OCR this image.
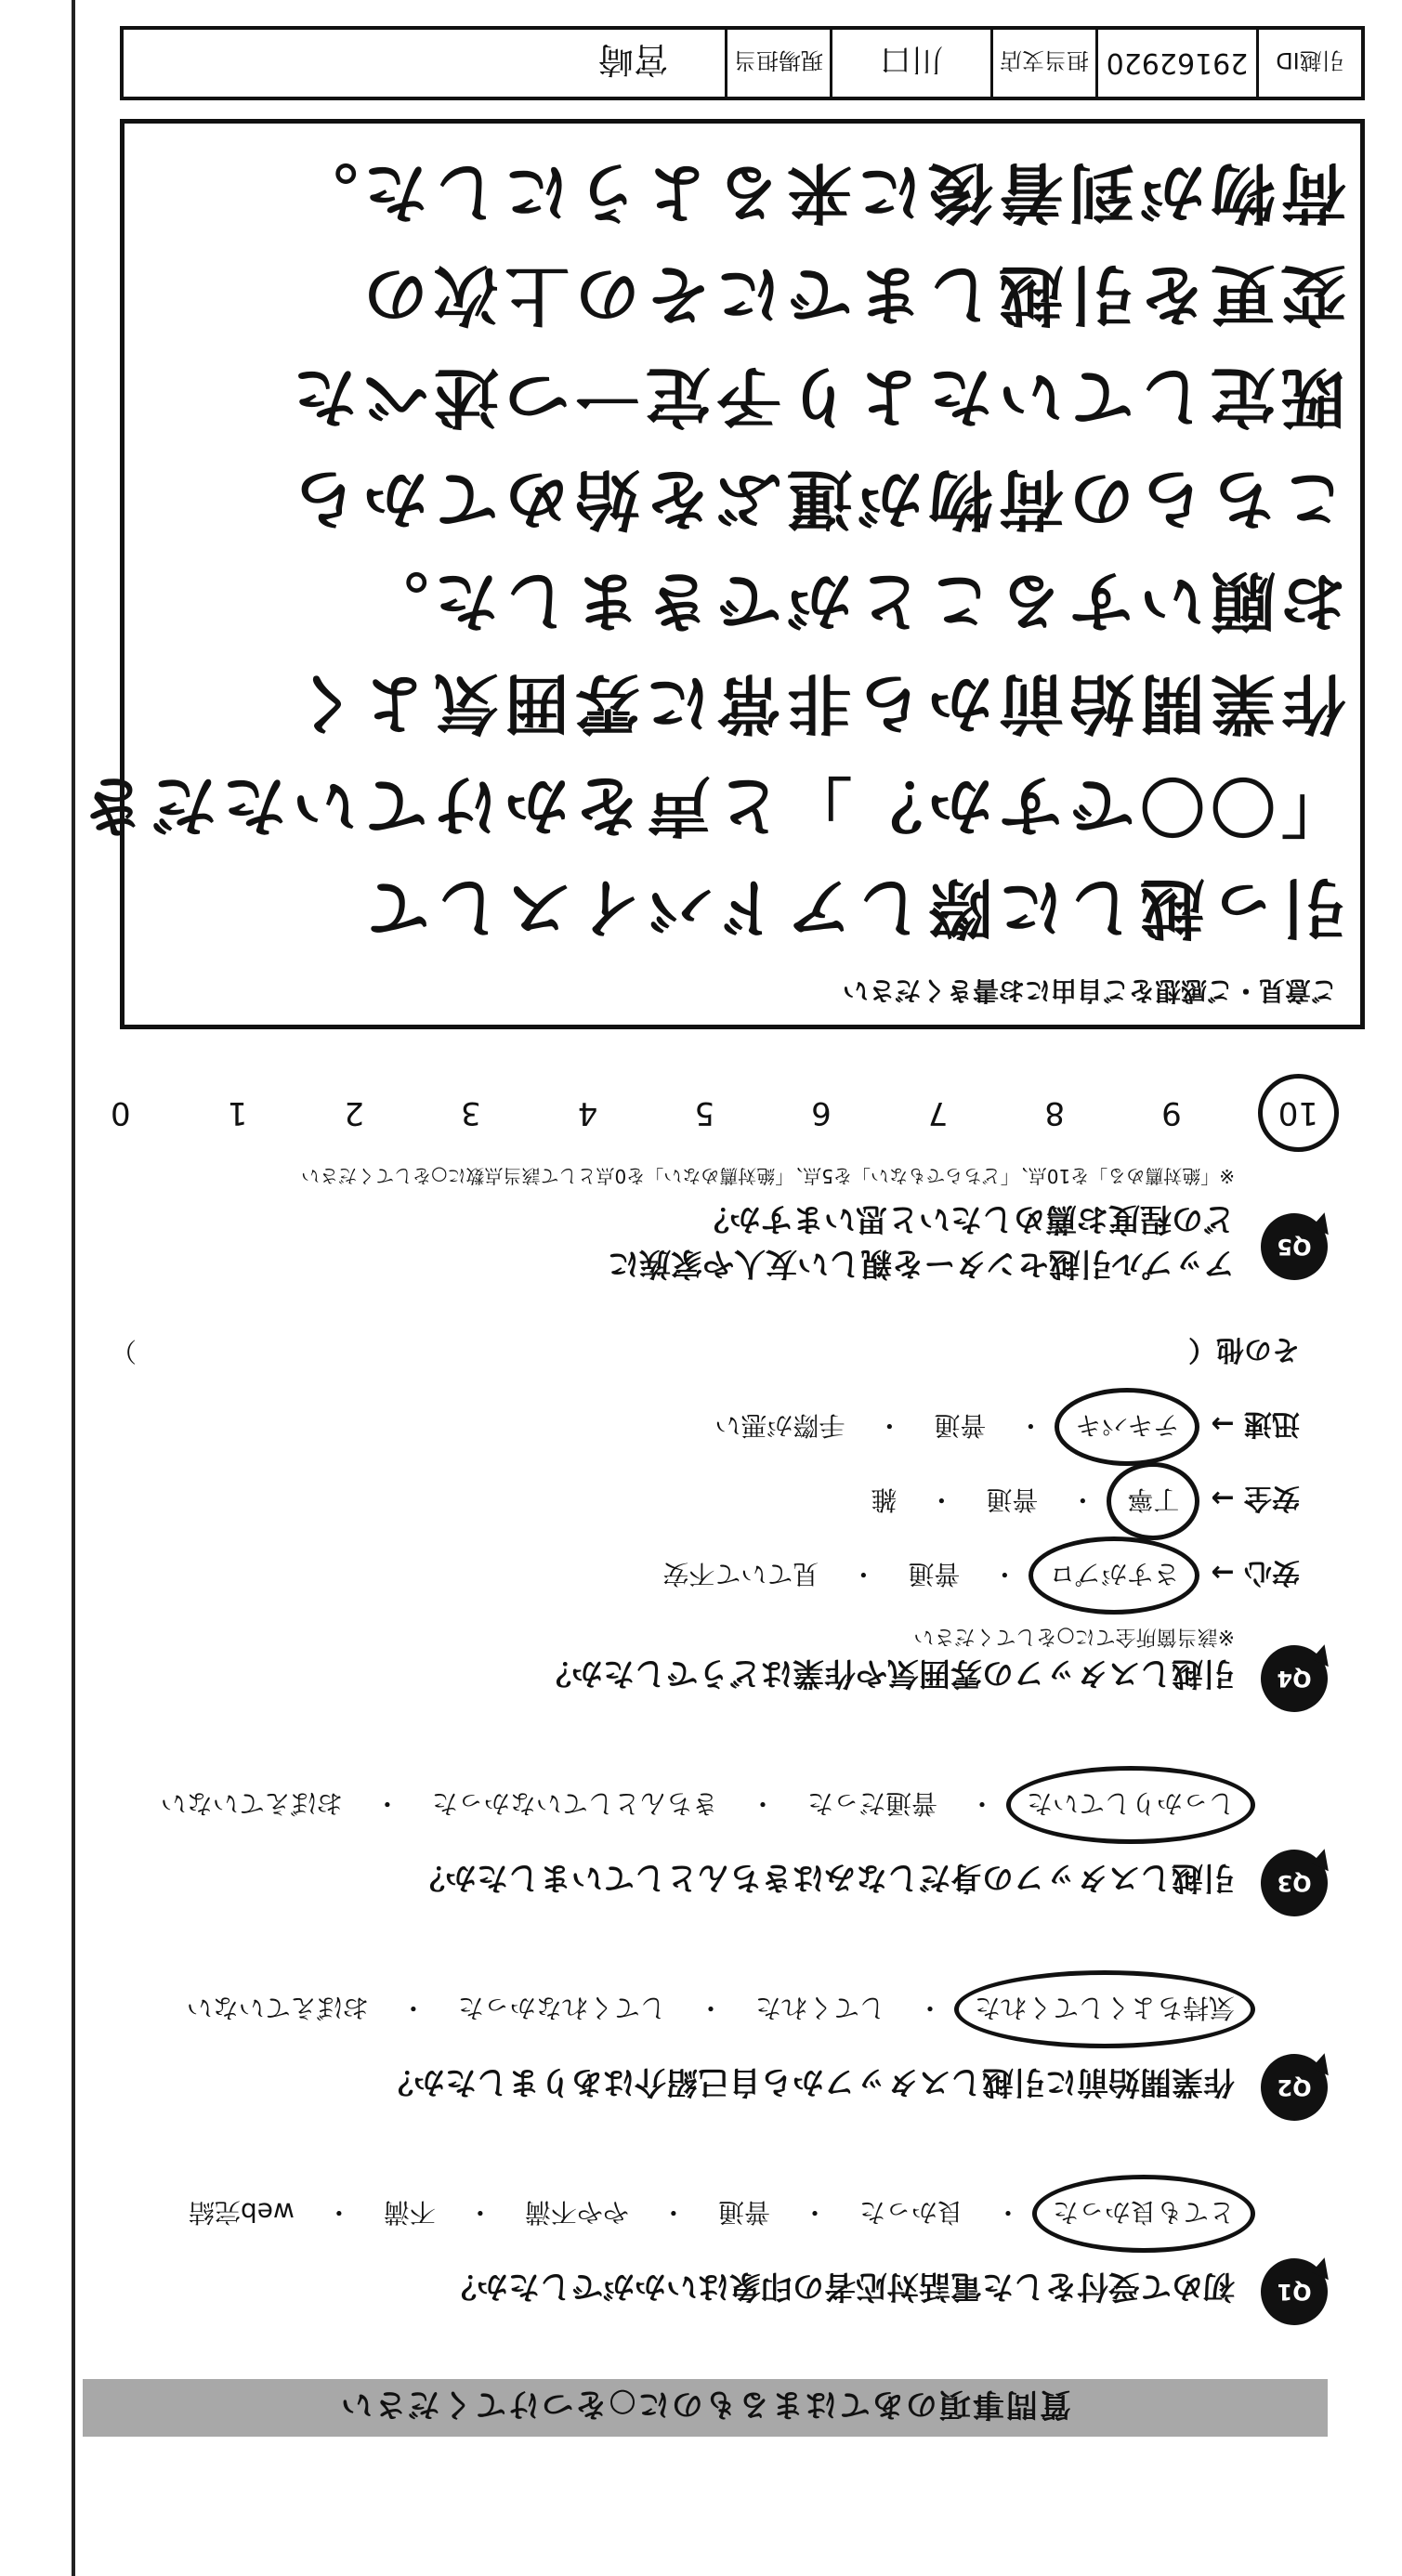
質問事項のあてはまるものに○をつけてください
Q1
初めて受付をした電話対応者の印象はいかがでしたか？
とても良かった
・
良かった
・
普通
・
やや不満
・
不満
・
web完結
Q2
作業開始前に引越しスタッフから自己紹介はありましたか？
気持ちよくしてくれた
・
してくれた
・
してくれなかった
・
おぼえていない
Q3
引越しスタッフの身だしなみはきちんとしていましたか？
しっかりしていた
・
普通だった
・
きちんとしていなかった
・
おぼえていない
Q4
引越しスタッフの雰囲気や作業はどうでしたか？
※該当箇所全てに○をしてください
安心 →
さすがプロ
・
普通
・
見ていて不安
安全 →
丁寧
・
普通
・
雑
迅速 →
テキパキ
・
普通
・
手際が悪い
その他（
）
Q5
アップル引越センターを親しい友人や家族に
どの程度お薦めしたいと思いますか？
※「絶対薦める」を10点、「どちらでもない」を5点、「絶対薦めない」を0点として該当点数に○をしてください
10
9
8
7
6
5
4
3
2
1
0
ご意見・ご感想をご自由にお書きください
引っ越しに際しアドバイスして
「〇〇ですか？」と声をかけていただき
作業開始前から非常に雰囲気よく
お願いすることができました。
こちらの荷物が運ぶを始めてから
既定していたより予定一つ述べた
変更を引越しまでにその上次の
荷物が到着後に来るようにした。
引越ID
29162920
担当支店
川口
現場担当
宮崎
